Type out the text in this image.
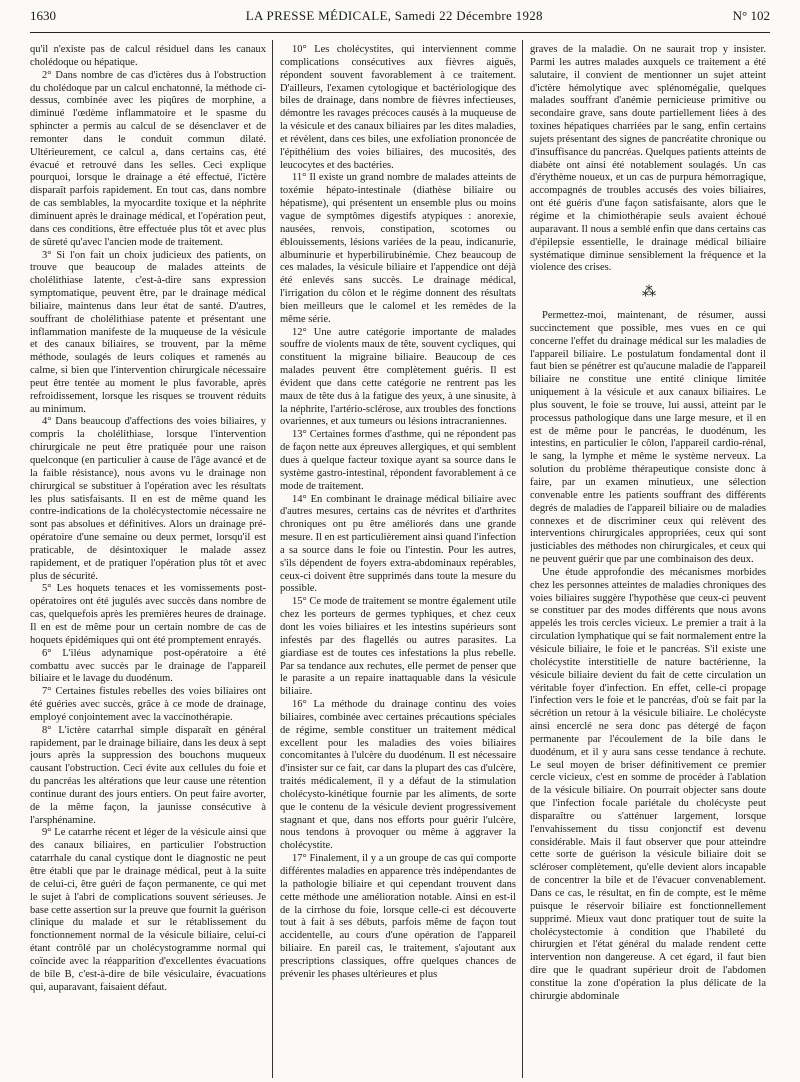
1630	LA PRESSE MÉDICALE, Samedi 22 Décembre 1928	N° 102

qu'il n'existe pas de calcul résiduel dans les canaux cholédoque ou hépatique.

2° Dans nombre de cas d'ictères dus à l'obstruction du cholédoque par un calcul enchatonné, la méthode ci-dessus, combinée avec les piqûres de morphine, a diminué l'œdème inflammatoire et le spasme du sphincter a permis au calcul de se désenclaver et de remonter dans le conduit commun dilaté. Ultérieurement, ce calcul a, dans certains cas, été évacué et retrouvé dans les selles. Ceci explique pourquoi, lorsque le drainage a été effectué, l'ictère disparaît parfois rapidement. En tout cas, dans nombre de cas semblables, la myocardite toxique et la néphrite diminuent après le drainage médical, et l'opération peut, dans ces conditions, être effectuée plus tôt et avec plus de sûreté qu'avec l'ancien mode de traitement.

3° Si l'on fait un choix judicieux des patients, on trouve que beaucoup de malades atteints de cholélithiase latente, c'est-à-dire sans expression symptomatique, peuvent être, par le drainage médical biliaire, maintenus dans leur état de santé. D'autres, souffrant de cholélithiase patente et présentant une inflammation manifeste de la muqueuse de la vésicule et des canaux biliaires, se trouvent, par la même méthode, soulagés de leurs coliques et ramenés au calme, si bien que l'intervention chirurgicale nécessaire peut être tentée au moment le plus favorable, après refroidissement, lorsque les risques se trouvent réduits au minimum.

4° Dans beaucoup d'affections des voies biliaires, y compris la cholélithiase, lorsque l'intervention chirurgicale ne peut être pratiquée pour une raison quelconque (en particulier à cause de l'âge avancé et de la faible résistance), nous avons vu le drainage non chirurgical se substituer à l'opération avec les résultats les plus satisfaisants. Il en est de même quand les contre-indications de la cholécystectomie nécessaire ne sont pas absolues et définitives. Alors un drainage pré-opératoire d'une semaine ou deux permet, lorsqu'il est praticable, de désintoxiquer le malade assez rapidement, et de pratiquer l'opération plus tôt et avec plus de sécurité.

5° Les hoquets tenaces et les vomissements post-opératoires ont été jugulés avec succès dans nombre de cas, quelquefois après les premières heures de drainage. Il en est de même pour un certain nombre de cas de hoquets épidémiques qui ont été promptement enrayés.

6° L'iléus adynamique post-opératoire a été combattu avec succès par le drainage de l'appareil biliaire et le lavage du duodénum.

7° Certaines fistules rebelles des voies biliaires ont été guéries avec succès, grâce à ce mode de drainage, employé conjointement avec la vaccinothérapie.

8° L'ictère catarrhal simple disparaît en général rapidement, par le drainage biliaire, dans les deux à sept jours après la suppression des bouchons muqueux causant l'obstruction. Ceci évite aux cellules du foie et du pancréas les altérations que leur cause une rétention continue durant des jours entiers. On peut faire avorter, de la même façon, la jaunisse consécutive à l'arsphénamine.

9° Le catarrhe récent et léger de la vésicule ainsi que des canaux biliaires, en particulier l'obstruction catarrhale du canal cystique dont le diagnostic ne peut être établi que par le drainage médical, peut à la suite de celui-ci, être guéri de façon permanente, ce qui met le sujet à l'abri de complications souvent sérieuses. Je base cette assertion sur la preuve que fournit la guérison clinique du malade et sur le rétablissement du fonctionnement normal de la vésicule biliaire, celui-ci étant contrôlé par un cholécystogramme normal qui coïncide avec la réapparition d'excellentes évacuations de bile B, c'est-à-dire de bile vésiculaire, évacuations qui, auparavant, faisaient défaut.

10° Les cholécystites, qui interviennent comme complications consécutives aux fièvres aiguës, répondent souvent favorablement à ce traitement. D'ailleurs, l'examen cytologique et bactériologique des biles de drainage, dans nombre de fièvres infectieuses, démontre les ravages précoces causés à la muqueuse de la vésicule et des canaux biliaires par les dites maladies, et révèlent, dans ces biles, une exfoliation prononcée de l'épithélium des voies biliaires, des mucosités, des leucocytes et des bactéries.

11° Il existe un grand nombre de malades atteints de toxémie hépato-intestinale (diathèse biliaire ou hépatisme), qui présentent un ensemble plus ou moins vague de symptômes digestifs atypiques : anorexie, nausées, renvois, constipation, scotomes ou éblouissements, lésions variées de la peau, indicanurie, albuminurie et hyperbilirubinémie. Chez beaucoup de ces malades, la vésicule biliaire et l'appendice ont déjà été enlevés sans succès. Le drainage médical, l'irrigation du côlon et le régime donnent des résultats bien meilleurs que le calomel et les remèdes de la même série.

12° Une autre catégorie importante de malades souffre de violents maux de tête, souvent cycliques, qui constituent la migraine biliaire. Beaucoup de ces malades peuvent être complètement guéris. Il est évident que dans cette catégorie ne rentrent pas les maux de tête dus à la fatigue des yeux, à une sinusite, à la néphrite, l'artério-sclérose, aux troubles des fonctions ovariennes, et aux tumeurs ou lésions intracraniennes.

13° Certaines formes d'asthme, qui ne répondent pas de façon nette aux épreuves allergiques, et qui semblent dues à quelque facteur toxique ayant sa source dans le système gastro-intestinal, répondent favorablement à ce mode de traitement.

14° En combinant le drainage médical biliaire avec d'autres mesures, certains cas de névrites et d'arthrites chroniques ont pu être améliorés dans une grande mesure. Il en est particulièrement ainsi quand l'infection a sa source dans le foie ou l'intestin. Pour les autres, s'ils dépendent de foyers extra-abdominaux repérables, ceux-ci doivent être supprimés dans toute la mesure du possible.

15° Ce mode de traitement se montre également utile chez les porteurs de germes typhiques, et chez ceux dont les voies biliaires et les intestins supérieurs sont infestés par des flagellés ou autres parasites. La giardiase est de toutes ces infestations la plus rebelle. Par sa tendance aux rechutes, elle permet de penser que le parasite a un repaire inattaquable dans la vésicule biliaire.

16° La méthode du drainage continu des voies biliaires, combinée avec certaines précautions spéciales de régime, semble constituer un traitement médical excellent pour les maladies des voies biliaires concomitantes à l'ulcère du duodénum. Il est nécessaire d'insister sur ce fait, car dans la plupart des cas d'ulcère, traités médicalement, il y a défaut de la stimulation cholécysto-kinétique fournie par les aliments, de sorte que le contenu de la vésicule devient progressivement stagnant et que, dans nos efforts pour guérir l'ulcère, nous tendons à provoquer ou même à aggraver la cholécystite.

17° Finalement, il y a un groupe de cas qui comporte différentes maladies en apparence très indépendantes de la pathologie biliaire et qui cependant trouvent dans cette méthode une amélioration notable. Ainsi en est-il de la cirrhose du foie, lorsque celle-ci est découverte tout à fait à ses débuts, parfois même de façon tout accidentelle, au cours d'une opération de l'appareil biliaire. En pareil cas, le traitement, s'ajoutant aux prescriptions classiques, offre quelques chances de prévenir les phases ultérieures et plus

graves de la maladie. On ne saurait trop y insister. Parmi les autres malades auxquels ce traitement a été salutaire, il convient de mentionner un sujet atteint d'ictère hémolytique avec splénomégalie, quelques malades souffrant d'anémie pernicieuse primitive ou secondaire grave, sans doute partiellement liées à des toxines hépatiques charriées par le sang, enfin certains sujets présentant des signes de pancréatite chronique ou d'insuffisance du pancréas. Quelques patients atteints de diabète ont ainsi été notablement soulagés. Un cas d'érythème noueux, et un cas de purpura hémorragique, accompagnés de troubles accusés des voies biliaires, ont été guéris d'une façon satisfaisante, alors que le régime et la chimiothérapie seuls avaient échoué auparavant. Il nous a semblé enfin que dans certains cas d'épilepsie essentielle, le drainage médical biliaire systématique diminue sensiblement la fréquence et la violence des crises.

⁂

Permettez-moi, maintenant, de résumer, aussi succinctement que possible, mes vues en ce qui concerne l'effet du drainage médical sur les maladies de l'appareil biliaire. Le postulatum fondamental dont il faut bien se pénétrer est qu'aucune maladie de l'appareil biliaire ne constitue une entité clinique limitée uniquement à la vésicule et aux canaux biliaires. Le plus souvent, le foie se trouve, lui aussi, atteint par le processus pathologique dans une large mesure, et il en est de même pour le pancréas, le duodénum, les intestins, en particulier le côlon, l'appareil cardio-rénal, le sang, la lymphe et même le système nerveux. La solution du problème thérapeutique consiste donc à faire, par un examen minutieux, une sélection convenable entre les patients souffrant des différents degrés de maladies de l'appareil biliaire ou de maladies connexes et de discriminer ceux qui relèvent des interventions chirurgicales appropriées, ceux qui sont justiciables des méthodes non chirurgicales, et ceux qui ne peuvent guérir que par une combinaison des deux.

Une étude approfondie des mécanismes morbides chez les personnes atteintes de maladies chroniques des voies biliaires suggère l'hypothèse que ceux-ci peuvent se constituer par des modes différents que nous avons appelés les trois cercles vicieux. Le premier a trait à la circulation lymphatique qui se fait normalement entre la vésicule biliaire, le foie et le pancréas. S'il existe une cholécystite interstitielle de nature bactérienne, la vésicule biliaire devient du fait de cette circulation un véritable foyer d'infection. En effet, celle-ci propage l'infection vers le foie et le pancréas, d'où se fait par la sécrétion un retour à la vésicule biliaire. Le cholécyste ainsi encerclé ne sera donc pas détergé de façon permanente par l'écoulement de la bile dans le duodénum, et il y aura sans cesse tendance à rechute. Le seul moyen de briser définitivement ce premier cercle vicieux, c'est en somme de procéder à l'ablation de la vésicule biliaire. On pourrait objecter sans doute que l'infection focale pariétale du cholécyste peut disparaître ou s'atténuer largement, lorsque l'envahissement du tissu conjonctif est devenu considérable. Mais il faut observer que pour atteindre cette sorte de guérison la vésicule biliaire doit se scléroser complètement, qu'elle devient alors incapable de concentrer la bile et de l'évacuer convenablement. Dans ce cas, le résultat, en fin de compte, est le même puisque le réservoir biliaire est fonctionnellement supprimé. Mieux vaut donc pratiquer tout de suite la cholécystectomie à condition que l'habileté du chirurgien et l'état général du malade rendent cette intervention non dangereuse. A cet égard, il faut bien dire que le quadrant supérieur droit de l'abdomen constitue la zone d'opération la plus délicate de la chirurgie abdominale
